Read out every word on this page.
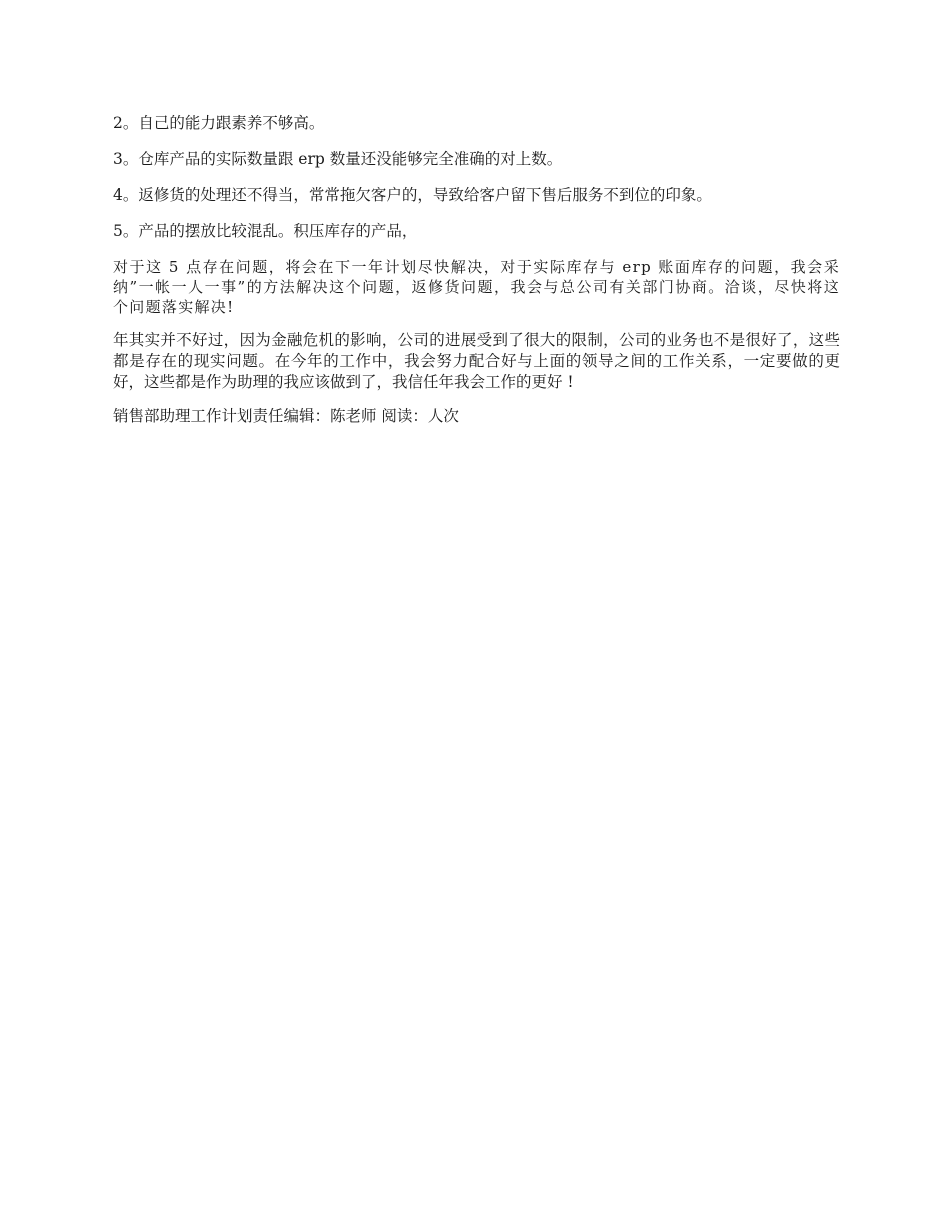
2。自己的能力跟素养不够高。

3。仓库产品的实际数量跟 erp 数量还没能够完全准确的对上数。

4。返修货的处理还不得当，常常拖欠客户的，导致给客户留下售后服务不到位的印象。

5。产品的摆放比较混乱。积压库存的产品，

对于这 5 点存在问题，将会在下一年计划尽快解决，对于实际库存与 erp 账面库存的问题，我会采纳”一帐一人一事”的方法解决这个问题，返修货问题，我会与总公司有关部门协商。洽谈，尽快将这个问题落实解决!

年其实并不好过，因为金融危机的影响，公司的进展受到了很大的限制，公司的业务也不是很好了，这些都是存在的现实问题。在今年的工作中，我会努力配合好与上面的领导之间的工作关系，一定要做的更好，这些都是作为助理的我应该做到了，我信任年我会工作的更好 !

销售部助理工作计划责任编辑：陈老师 阅读：人次
